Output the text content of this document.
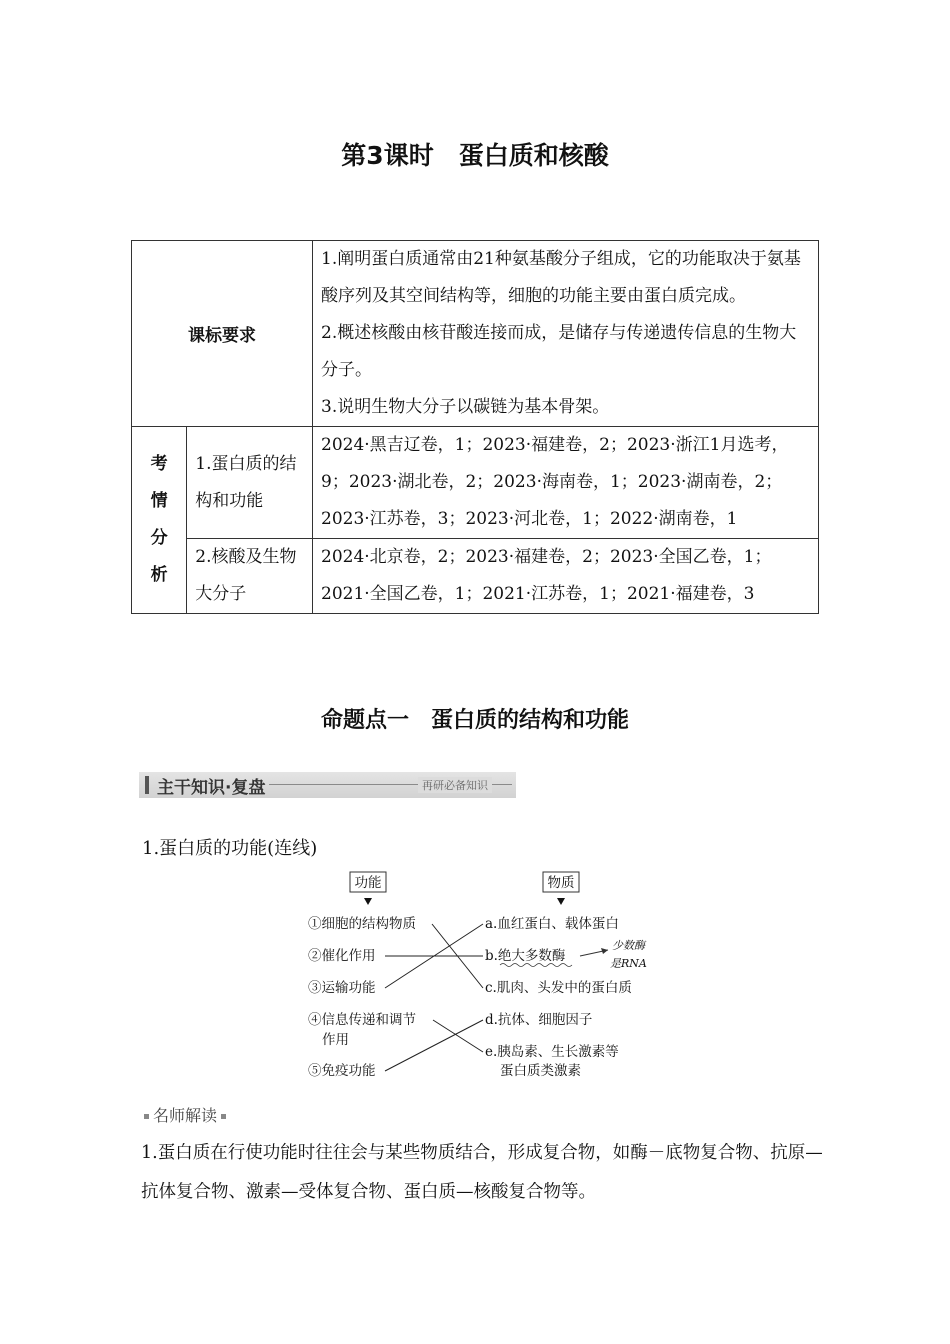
第3课时　蛋白质和核酸
课标要求		1.阐明蛋白质通常由21种氨基酸分子组成，它的功能取决于氨基酸序列及其空间结构等，细胞的功能主要由蛋白质完成。
2.概述核酸由核苷酸连接而成，是储存与传递遗传信息的生物大分子。
3.说明生物大分子以碳链为基本骨架。

考
情
分
析	1.蛋白质的结构和功能	2024·黑吉辽卷，1；2023·福建卷，2；2023·浙江1月选考，9；2023·湖北卷，2；2023·海南卷，1；2023·湖南卷，2；2023·江苏卷，3；2023·河北卷，1；2022·湖南卷，1
	2.核酸及生物大分子	2024·北京卷，2；2023·福建卷，2；2023·全国乙卷，1；2021·全国乙卷，1；2021·江苏卷，1；2021·福建卷，3
命题点一　蛋白质的结构和功能
主干知识·复盘	再研必备知识
1.蛋白质的功能(连线)
功能	物质
①细胞的结构物质
②催化作用
③运输功能
④信息传递和调节
作用
⑤免疫功能
a.血红蛋白、载体蛋白
b.绝大多数酶
c.肌肉、头发中的蛋白质
d.抗体、细胞因子
e.胰岛素、生长激素等
蛋白质类激素
少数酶
是RNA
名师解读
1.蛋白质在行使功能时往往会与某些物质结合，形成复合物，如酶－底物复合物、抗原—抗体复合物、激素—受体复合物、蛋白质—核酸复合物等。
